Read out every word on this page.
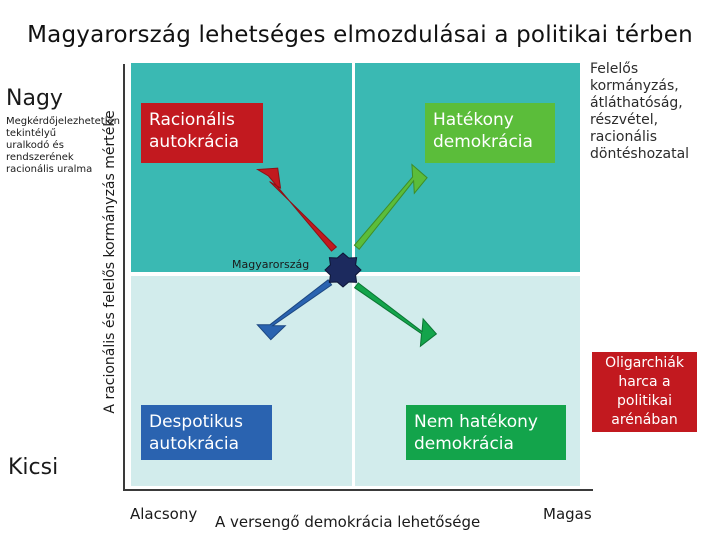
Magyarország lehetséges elmozdulásai a politikai térben
Nagy
Megkérdőjelezhetetlen tekintélyű uralkodó és rendszerének racionális uralma
Kicsi
A racionális és felelős kormányzás mértéke	Magyarország
Racionális autokrácia
Hatékony demokrácia
Despotikus autokrácia
Nem hatékony demokrácia
Felelős kormányzás, átláthatóság, részvétel, racionális döntéshozatal
Oligarchiák harca a politikai arénában
Alacsony A versengő demokrácia lehetősége	Magas
